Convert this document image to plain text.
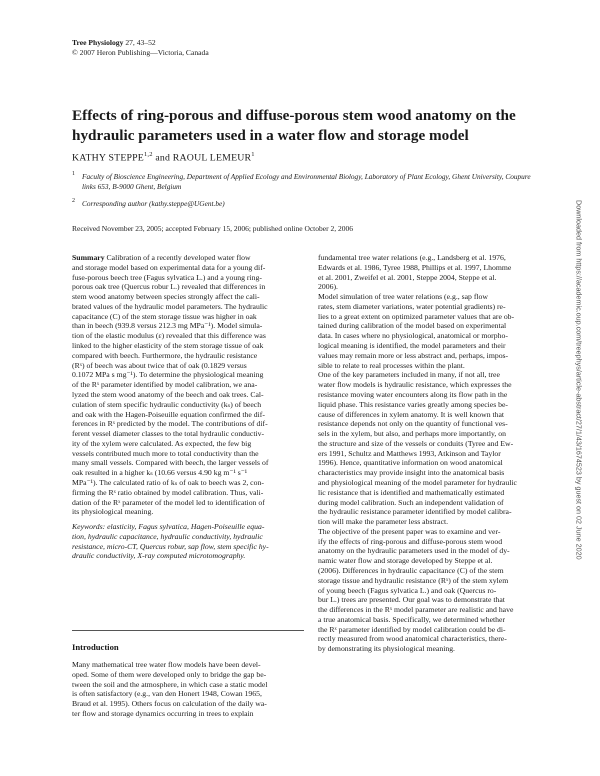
Tree Physiology 27, 43–52
© 2007 Heron Publishing—Victoria, Canada
Effects of ring-porous and diffuse-porous stem wood anatomy on the hydraulic parameters used in a water flow and storage model
KATHY STEPPE$^{1,2}$ and RAOUL LEMEUR$^1$
1 Faculty of Bioscience Engineering, Department of Applied Ecology and Environmental Biology, Laboratory of Plant Ecology, Ghent University, Coupure links 653, B-9000 Ghent, Belgium
2 Corresponding author (kathy.steppe@UGent.be)
Received November 23, 2005; accepted February 15, 2006; published online October 2, 2006
Summary Calibration of a recently developed water flow
and storage model based on experimental data for a young dif-
fuse-porous beech tree (Fagus sylvatica L.) and a young ring-
porous oak tree (Quercus robur L.) revealed that differences in
stem wood anatomy between species strongly affect the cali-
brated values of the hydraulic model parameters. The hydraulic
capacitance (C) of the stem storage tissue was higher in oak
than in beech (939.8 versus 212.3 mg MPa⁻¹). Model simula-
tion of the elastic modulus (ε) revealed that this difference was
linked to the higher elasticity of the stem storage tissue of oak
compared with beech. Furthermore, the hydraulic resistance
(Rˣ) of beech was about twice that of oak (0.1829 versus
0.1072 MPa s mg⁻¹). To determine the physiological meaning
of the Rˣ parameter identified by model calibration, we ana-
lyzed the stem wood anatomy of the beech and oak trees. Cal-
culation of stem specific hydraulic conductivity (kₛ) of beech
and oak with the Hagen-Poiseuille equation confirmed the dif-
ferences in Rˣ predicted by the model. The contributions of dif-
ferent vessel diameter classes to the total hydraulic conductiv-
ity of the xylem were calculated. As expected, the few big
vessels contributed much more to total conductivity than the
many small vessels. Compared with beech, the larger vessels of
oak resulted in a higher kₛ (10.66 versus 4.90 kg m⁻¹ s⁻¹
MPa⁻¹). The calculated ratio of kₛ of oak to beech was 2, con-
firming the Rˣ ratio obtained by model calibration. Thus, vali-
dation of the Rˣ parameter of the model led to identification of
its physiological meaning.
Keywords: elasticity, Fagus sylvatica, Hagen-Poiseuille equa-
tion, hydraulic capacitance, hydraulic conductivity, hydraulic
resistance, micro-CT, Quercus robur, sap flow, stem specific hy-
draulic conductivity, X-ray computed microtomography.
Introduction
Many mathematical tree water flow models have been devel-
oped. Some of them were developed only to bridge the gap be-
tween the soil and the atmosphere, in which case a static model
is often satisfactory (e.g., van den Honert 1948, Cowan 1965,
Braud et al. 1995). Others focus on calculation of the daily wa-
ter flow and storage dynamics occurring in trees to explain
fundamental tree water relations (e.g., Landsberg et al. 1976,
Edwards et al. 1986, Tyree 1988, Phillips et al. 1997, Lhomme
et al. 2001, Zweifel et al. 2001, Steppe 2004, Steppe et al.
2006).
Model simulation of tree water relations (e.g., sap flow
rates, stem diameter variations, water potential gradients) re-
lies to a great extent on optimized parameter values that are ob-
tained during calibration of the model based on experimental
data. In cases where no physiological, anatomical or morpho-
logical meaning is identified, the model parameters and their
values may remain more or less abstract and, perhaps, impos-
sible to relate to real processes within the plant.
One of the key parameters included in many, if not all, tree
water flow models is hydraulic resistance, which expresses the
resistance moving water encounters along its flow path in the
liquid phase. This resistance varies greatly among species be-
cause of differences in xylem anatomy. It is well known that
resistance depends not only on the quantity of functional ves-
sels in the xylem, but also, and perhaps more importantly, on
the structure and size of the vessels or conduits (Tyree and Ew-
ers 1991, Schultz and Matthews 1993, Atkinson and Taylor
1996). Hence, quantitative information on wood anatomical
characteristics may provide insight into the anatomical basis
and physiological meaning of the model parameter for hydraulic
lic resistance that is identified and mathematically estimated
during model calibration. Such an independent validation of
the hydraulic resistance parameter identified by model calibra-
tion will make the parameter less abstract.
The objective of the present paper was to examine and ver-
ify the effects of ring-porous and diffuse-porous stem wood
anatomy on the hydraulic parameters used in the model of dy-
namic water flow and storage developed by Steppe et al.
(2006). Differences in hydraulic capacitance (C) of the stem
storage tissue and hydraulic resistance (Rˣ) of the stem xylem
of young beech (Fagus sylvatica L.) and oak (Quercus ro-
bur L.) trees are presented. Our goal was to demonstrate that
the differences in the Rˣ model parameter are realistic and have
a true anatomical basis. Specifically, we determined whether
the Rˣ parameter identified by model calibration could be di-
rectly measured from wood anatomical characteristics, there-
by demonstrating its physiological meaning.
Downloaded from https://academic.oup.com/treephys/article-abstract/27/1/43/1674523 by guest on 02 June 2020
